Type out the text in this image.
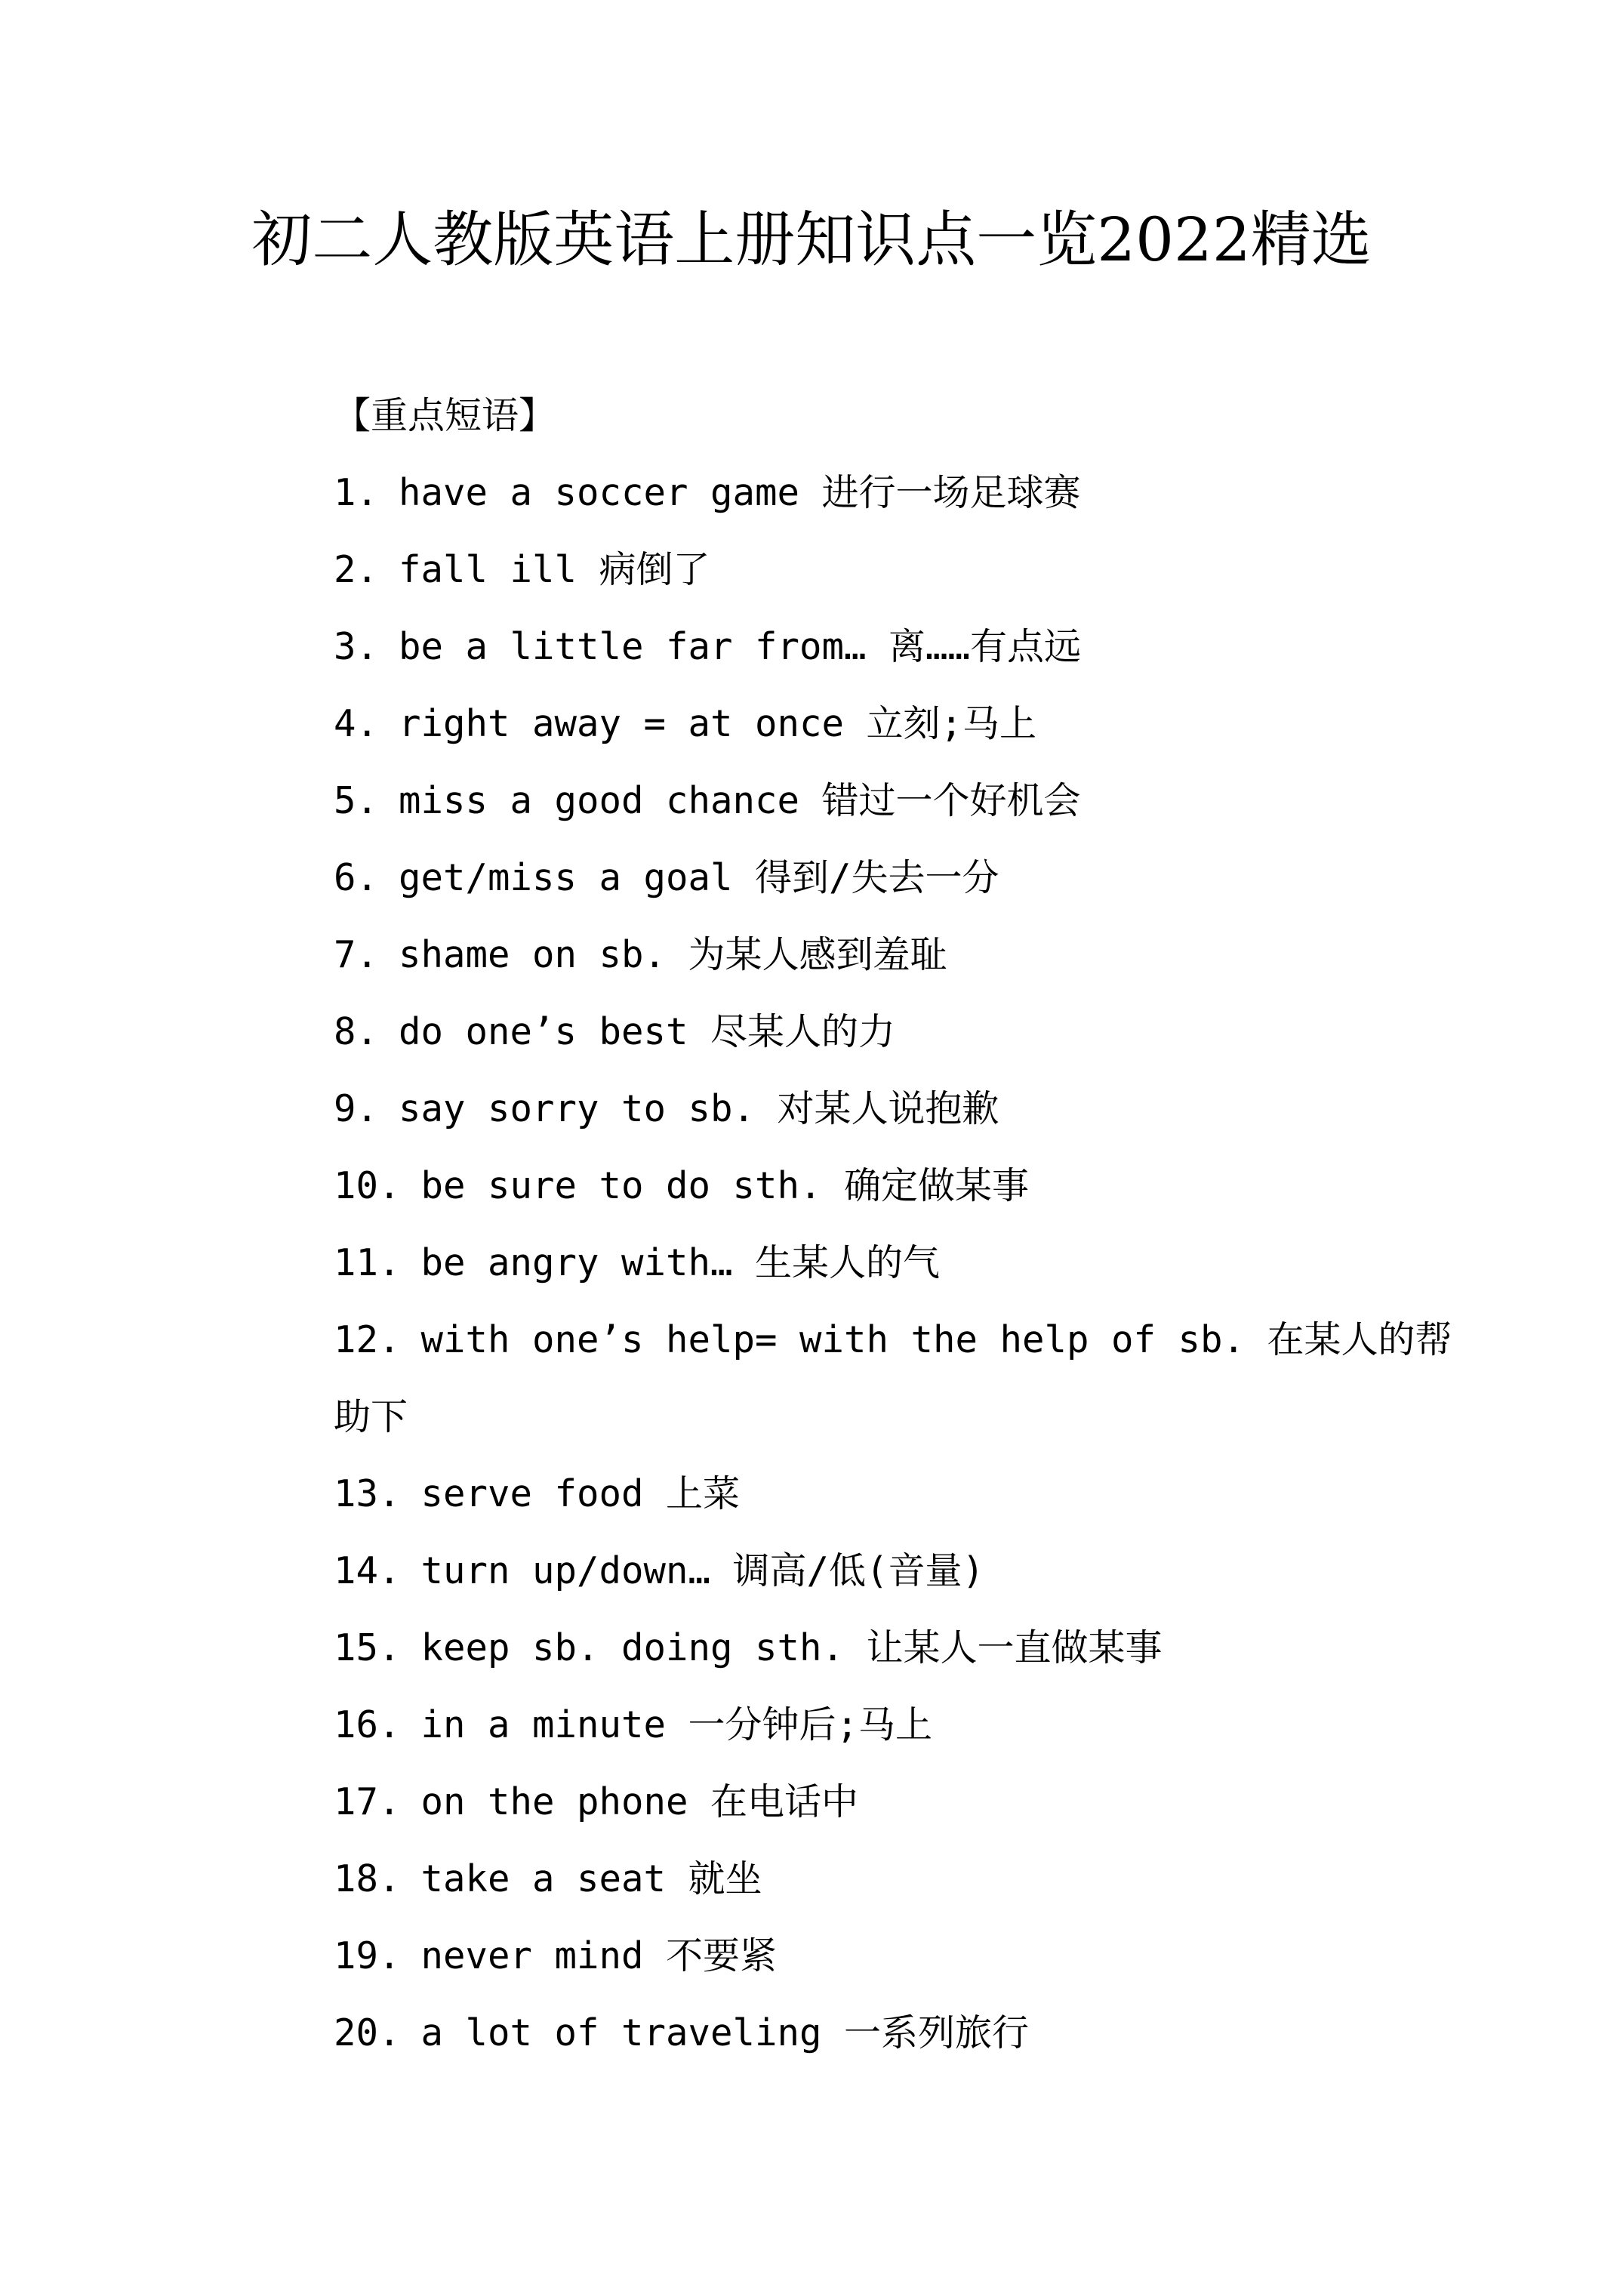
初二人教版英语上册知识点一览2022精选
【重点短语】
1. have a soccer game 进行一场足球赛
2. fall ill 病倒了
3. be a little far from… 离……有点远
4. right away = at once 立刻;马上
5. miss a good chance 错过一个好机会
6. get/miss a goal 得到/失去一分
7. shame on sb. 为某人感到羞耻
8. do one’s best 尽某人的力
9. say sorry to sb. 对某人说抱歉
10. be sure to do sth. 确定做某事
11. be angry with… 生某人的气
12. with one’s help= with the help of sb. 在某人的帮助下
13. serve food 上菜
14. turn up/down… 调高/低(音量)
15. keep sb. doing sth. 让某人一直做某事
16. in a minute 一分钟后;马上
17. on the phone 在电话中
18. take a seat 就坐
19. never mind 不要紧
20. a lot of traveling 一系列旅行
